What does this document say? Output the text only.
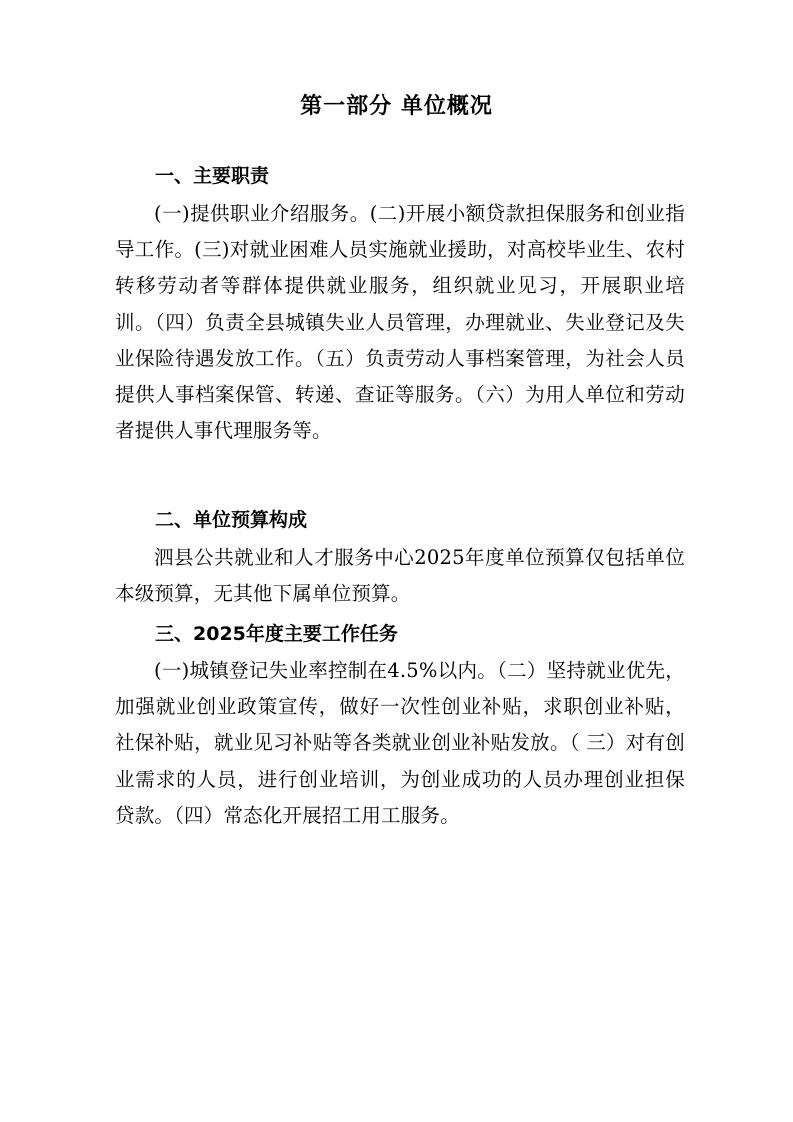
第一部分 单位概况
一、主要职责

(一)提供职业介绍服务。(二)开展小额贷款担保服务和创业指导工作。(三)对就业困难人员实施就业援助，对高校毕业生、农村转移劳动者等群体提供就业服务，组织就业见习，开展职业培训。（四）负责全县城镇失业人员管理，办理就业、失业登记及失业保险待遇发放工作。（五）负责劳动人事档案管理，为社会人员提供人事档案保管、转递、查证等服务。（六）为用人单位和劳动者提供人事代理服务等。

二、单位预算构成

泗县公共就业和人才服务中心2025年度单位预算仅包括单位本级预算，无其他下属单位预算。

三、2025年度主要工作任务

(一)城镇登记失业率控制在4.5%以内。（二）坚持就业优先，加强就业创业政策宣传，做好一次性创业补贴，求职创业补贴，社保补贴，就业见习补贴等各类就业创业补贴发放。（ 三）对有创业需求的人员，进行创业培训，为创业成功的人员办理创业担保贷款。（四）常态化开展招工用工服务。
